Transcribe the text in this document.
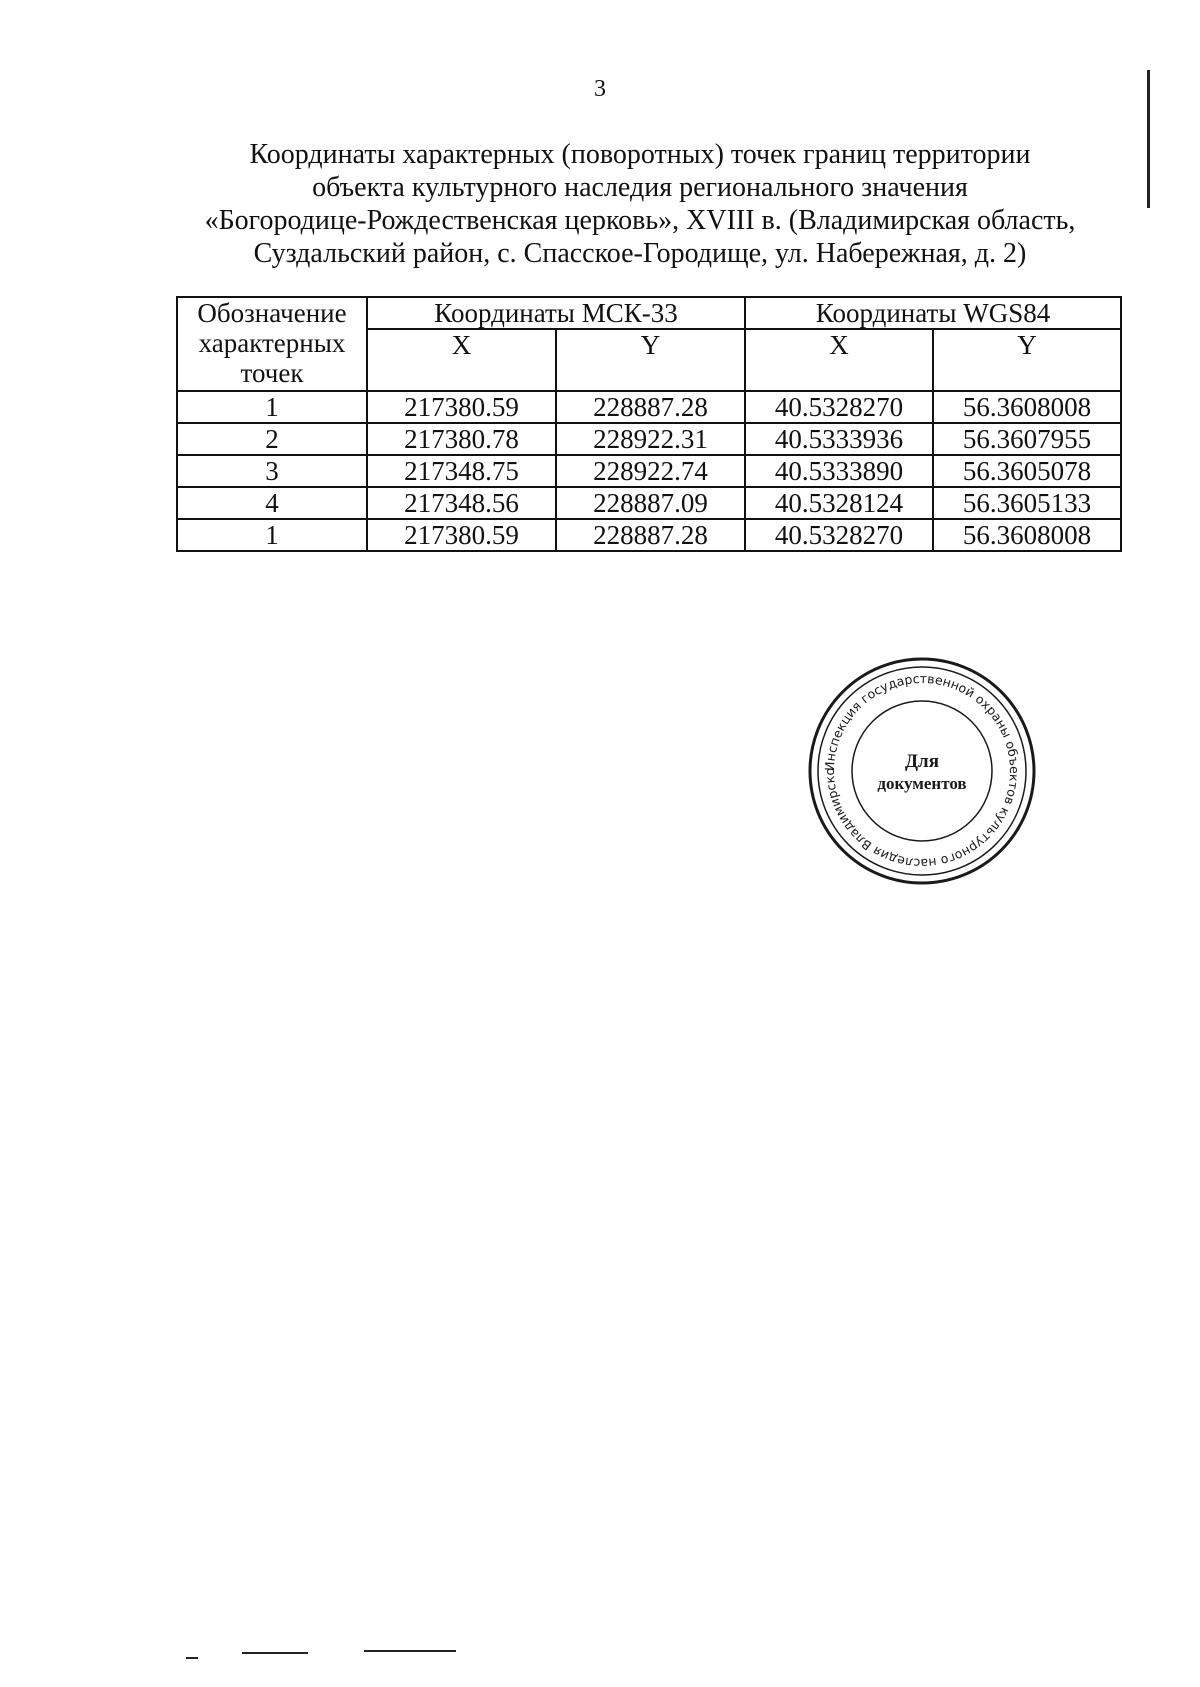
3
Координаты характерных (поворотных) точек границ территории
объекта культурного наследия регионального значения
«Богородице-Рождественская церковь», XVIII в. (Владимирская область,
Суздальский район, с. Спасское-Городище, ул. Набережная, д. 2)
Обозначение характерных точек	Координаты МСК-33		Координаты WGS84	
	X	Y	X	Y
1	217380.59	228887.28	40.5328270	56.3608008
2	217380.78	228922.31	40.5333936	56.3607955
3	217348.75	228922.74	40.5333890	56.3605078
4	217348.56	228887.09	40.5328124	56.3605133
1	217380.59	228887.28	40.5328270	56.3608008
Инспекция государственной охраны объектов культурного наследия Владимирско	Для
документов
